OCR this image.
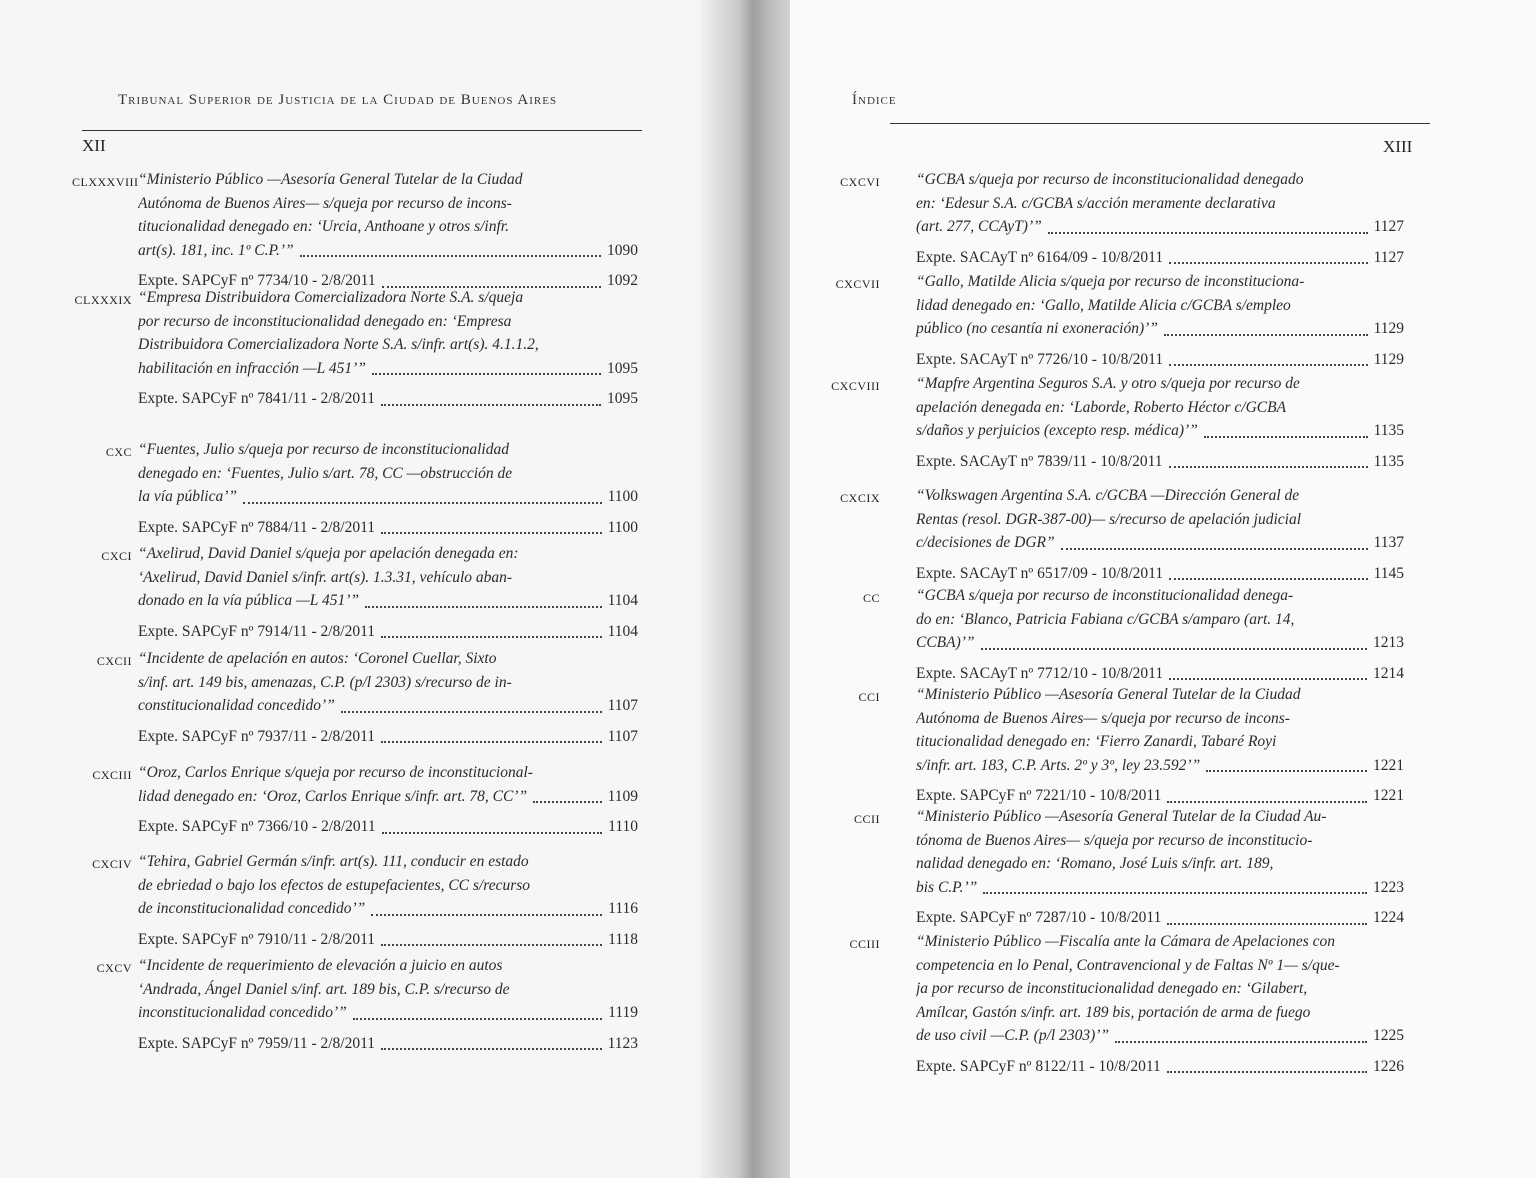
Tribunal Superior de Justicia de la Ciudad de Buenos Aires
XII
CLXXXVIII “Ministerio Público —Asesoría General Tutelar de la Ciudad
Autónoma de Buenos Aires— s/queja por recurso de incons-
titucionalidad denegado en: ‘Urcia, Anthoane y otros s/infr.
art(s). 181, inc. 1º C.P.’”	1090
Expte. SAPCyF nº 7734/10 - 2/8/2011	1092
CLXXXIX “Empresa Distribuidora Comercializadora Norte S.A. s/queja
por recurso de inconstitucionalidad denegado en: ‘Empresa
Distribuidora Comercializadora Norte S.A. s/infr. art(s). 4.1.1.2,
habilitación en infracción —L 451’”	1095
Expte. SAPCyF nº 7841/11 - 2/8/2011	1095
CXC “Fuentes, Julio s/queja por recurso de inconstitucionalidad
denegado en: ‘Fuentes, Julio s/art. 78, CC —obstrucción de
la vía pública’”	1100
Expte. SAPCyF nº 7884/11 - 2/8/2011	1100
CXCI “Axelirud, David Daniel s/queja por apelación denegada en:
‘Axelirud, David Daniel s/infr. art(s). 1.3.31, vehículo aban-
donado en la vía pública —L 451’”	1104
Expte. SAPCyF nº 7914/11 - 2/8/2011	1104
CXCII “Incidente de apelación en autos: ‘Coronel Cuellar, Sixto
s/inf. art. 149 bis, amenazas, C.P. (p/l 2303) s/recurso de in-
constitucionalidad concedido’”	1107
Expte. SAPCyF nº 7937/11 - 2/8/2011	1107
CXCIII “Oroz, Carlos Enrique s/queja por recurso de inconstitucional-
lidad denegado en: ‘Oroz, Carlos Enrique s/infr. art. 78, CC’”	1109
Expte. SAPCyF nº 7366/10 - 2/8/2011	1110
CXCIV “Tehira, Gabriel Germán s/infr. art(s). 111, conducir en estado
de ebriedad o bajo los efectos de estupefacientes, CC s/recurso
de inconstitucionalidad concedido’”	1116
Expte. SAPCyF nº 7910/11 - 2/8/2011	1118
CXCV “Incidente de requerimiento de elevación a juicio en autos
‘Andrada, Ángel Daniel s/inf. art. 189 bis, C.P. s/recurso de
inconstitucionalidad concedido’”	1119
Expte. SAPCyF nº 7959/11 - 2/8/2011	1123
Índice
XIII
CXCVI “GCBA s/queja por recurso de inconstitucionalidad denegado
en: ‘Edesur S.A. c/GCBA s/acción meramente declarativa
(art. 277, CCAyT)’”	1127
Expte. SACAyT nº 6164/09 - 10/8/2011	1127
CXCVII “Gallo, Matilde Alicia s/queja por recurso de inconstituciona-
lidad denegado en: ‘Gallo, Matilde Alicia c/GCBA s/empleo
público (no cesantía ni exoneración)’”	1129
Expte. SACAyT nº 7726/10 - 10/8/2011	1129
CXCVIII “Mapfre Argentina Seguros S.A. y otro s/queja por recurso de
apelación denegada en: ‘Laborde, Roberto Héctor c/GCBA
s/daños y perjuicios (excepto resp. médica)’”	1135
Expte. SACAyT nº 7839/11 - 10/8/2011	1135
CXCIX “Volkswagen Argentina S.A. c/GCBA —Dirección General de
Rentas (resol. DGR-387-00)— s/recurso de apelación judicial
c/decisiones de DGR”	1137
Expte. SACAyT nº 6517/09 - 10/8/2011	1145
CC “GCBA s/queja por recurso de inconstitucionalidad denega-
do en: ‘Blanco, Patricia Fabiana c/GCBA s/amparo (art. 14,
CCBA)’”	1213
Expte. SACAyT nº 7712/10 - 10/8/2011	1214
CCI “Ministerio Público —Asesoría General Tutelar de la Ciudad
Autónoma de Buenos Aires— s/queja por recurso de incons-
titucionalidad denegado en: ‘Fierro Zanardi, Tabaré Royi
s/infr. art. 183, C.P. Arts. 2º y 3º, ley 23.592’”	1221
Expte. SAPCyF nº 7221/10 - 10/8/2011	1221
CCII “Ministerio Público —Asesoría General Tutelar de la Ciudad Au-
tónoma de Buenos Aires— s/queja por recurso de inconstitucio-
nalidad denegado en: ‘Romano, José Luis s/infr. art. 189,
bis C.P.’”	1223
Expte. SAPCyF nº 7287/10 - 10/8/2011	1224
CCIII “Ministerio Público —Fiscalía ante la Cámara de Apelaciones con
competencia en lo Penal, Contravencional y de Faltas Nº 1— s/que-
ja por recurso de inconstitucionalidad denegado en: ‘Gilabert,
Amílcar, Gastón s/infr. art. 189 bis, portación de arma de fuego
de uso civil —C.P. (p/l 2303)’”	1225
Expte. SAPCyF nº 8122/11 - 10/8/2011	1226
